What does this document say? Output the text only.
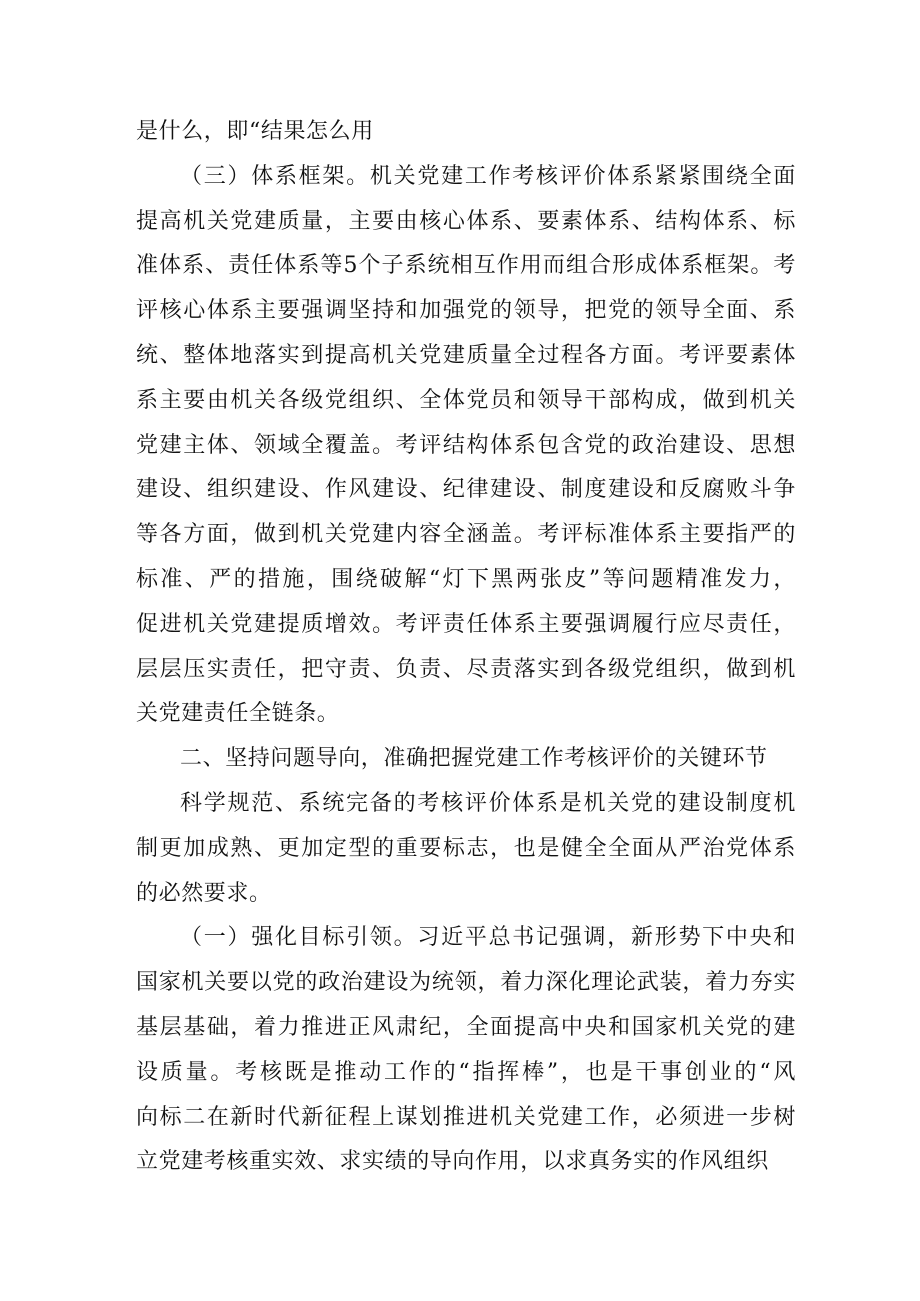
是什么，即“结果怎么用
（三）体系框架。机关党建工作考核评价体系紧紧围绕全面
提高机关党建质量，主要由核心体系、要素体系、结构体系、标
准体系、责任体系等5个子系统相互作用而组合形成体系框架。考
评核心体系主要强调坚持和加强党的领导，把党的领导全面、系
统、整体地落实到提高机关党建质量全过程各方面。考评要素体
系主要由机关各级党组织、全体党员和领导干部构成，做到机关
党建主体、领域全覆盖。考评结构体系包含党的政治建设、思想
建设、组织建设、作风建设、纪律建设、制度建设和反腐败斗争
等各方面，做到机关党建内容全涵盖。考评标准体系主要指严的
标准、严的措施，围绕破解“灯下黑两张皮”等问题精准发力，
促进机关党建提质增效。考评责任体系主要强调履行应尽责任，
层层压实责任，把守责、负责、尽责落实到各级党组织，做到机
关党建责任全链条。
二、坚持问题导向，准确把握党建工作考核评价的关键环节
科学规范、系统完备的考核评价体系是机关党的建设制度机
制更加成熟、更加定型的重要标志，也是健全全面从严治党体系
的必然要求。
（一）强化目标引领。习近平总书记强调，新形势下中央和
国家机关要以党的政治建设为统领，着力深化理论武装，着力夯实
基层基础，着力推进正风肃纪，全面提高中央和国家机关党的建
设质量。考核既是推动工作的“指挥棒”，也是干事创业的“风
向标二在新时代新征程上谋划推进机关党建工作，必须进一步树
立党建考核重实效、求实绩的导向作用，以求真务实的作风组织
